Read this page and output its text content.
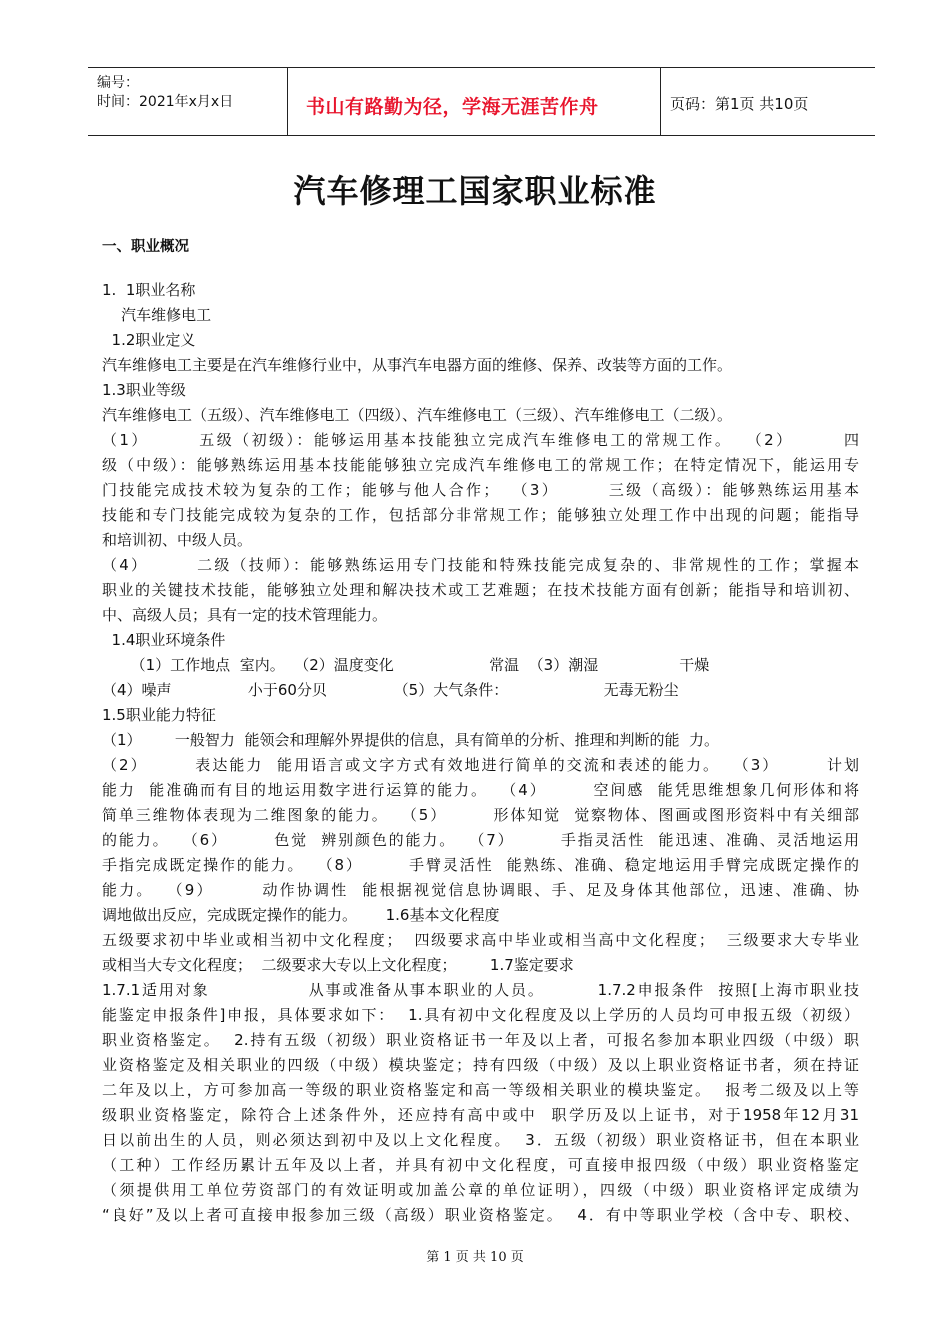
编号：
时间：2021年x月x日	书山有路勤为径，学海无涯苦作舟	页码：第1页 共10页
汽车修理工国家职业标准
一、职业概况
1.  1职业名称
汽车维修电工
1.2职业定义
汽车维修电工主要是在汽车维修行业中，从事汽车电器方面的维修、保养、改装等方面的工作。
1.3职业等级
汽车维修电工（五级）、汽车维修电工（四级）、汽车维修电工（三级）、汽车维修电工（二级）。
（1）       五级（初级）：能够运用基本技能独立完成汽车维修电工的常规工作。  （2）       四
级（中级）：能够熟练运用基本技能能够独立完成汽车维修电工的常规工作；在特定情况下，能运用专
门技能完成技术较为复杂的工作；能够与他人合作；  （3）       三级（高级）：能够熟练运用基本
技能和专门技能完成较为复杂的工作，包括部分非常规工作；能够独立处理工作中出现的问题；能指导
和培训初、中级人员。
（4）       二级（技师）：能够熟练运用专门技能和特殊技能完成复杂的、非常规性的工作；掌握本
职业的关键技术技能，能够独立处理和解决技术或工艺难题；在技术技能方面有创新；能指导和培训初、
中、高级人员；具有一定的技术管理能力。
1.4职业环境条件
（1）工作地点  室内。  （2）温度变化                    常温  （3）潮湿                 干燥
（4）噪声                小于60分贝              （5）大气条件：                    无毒无粉尘
1.5职业能力特征
（1）       一般智力  能领会和理解外界提供的信息，具有简单的分析、推理和判断的能  力。
（2）       表达能力  能用语言或文字方式有效地进行简单的交流和表述的能力。  （3）       计划
能力  能准确而有目的地运用数字进行运算的能力。  （4）       空间感  能凭思维想象几何形体和将
简单三维物体表现为二维图象的能力。  （5）       形体知觉  觉察物体、图画或图形资料中有关细部
的能力。  （6）       色觉  辨别颜色的能力。  （7）       手指灵活性  能迅速、准确、灵活地运用
手指完成既定操作的能力。  （8）       手臂灵活性  能熟练、准确、稳定地运用手臂完成既定操作的
能力。  （9）       动作协调性  能根据视觉信息协调眼、手、足及身体其他部位，迅速、准确、协
调地做出反应，完成既定操作的能力。      1.6基本文化程度
五级要求初中毕业或相当初中文化程度；  四级要求高中毕业或相当高中文化程度；  三级要求大专毕业
或相当大专文化程度；  二级要求大专以上文化程度；       1.7鉴定要求
1.7.1适用对象               从事或准备从事本职业的人员。        1.7.2申报条件  按照[上海市职业技
能鉴定申报条件]申报，具体要求如下：  1.具有初中文化程度及以上学历的人员均可申报五级（初级）
职业资格鉴定。  2.持有五级（初级）职业资格证书一年及以上者，可报名参加本职业四级（中级）职
业资格鉴定及相关职业的四级（中级）模块鉴定；持有四级（中级）及以上职业资格证书者，须在持证
二年及以上，方可参加高一等级的职业资格鉴定和高一等级相关职业的模块鉴定。  报考二级及以上等
级职业资格鉴定，除符合上述条件外，还应持有高中或中  职学历及以上证书，对于1958年12月31
日以前出生的人员，则必须达到初中及以上文化程度。  3．五级（初级）职业资格证书，但在本职业
（工种）工作经历累计五年及以上者，并具有初中文化程度，可直接申报四级（中级）职业资格鉴定
（须提供用工单位劳资部门的有效证明或加盖公章的单位证明），四级（中级）职业资格评定成绩为
“良好”及以上者可直接申报参加三级（高级）职业资格鉴定。  4．有中等职业学校（含中专、职校、
第 1 页 共 10 页
